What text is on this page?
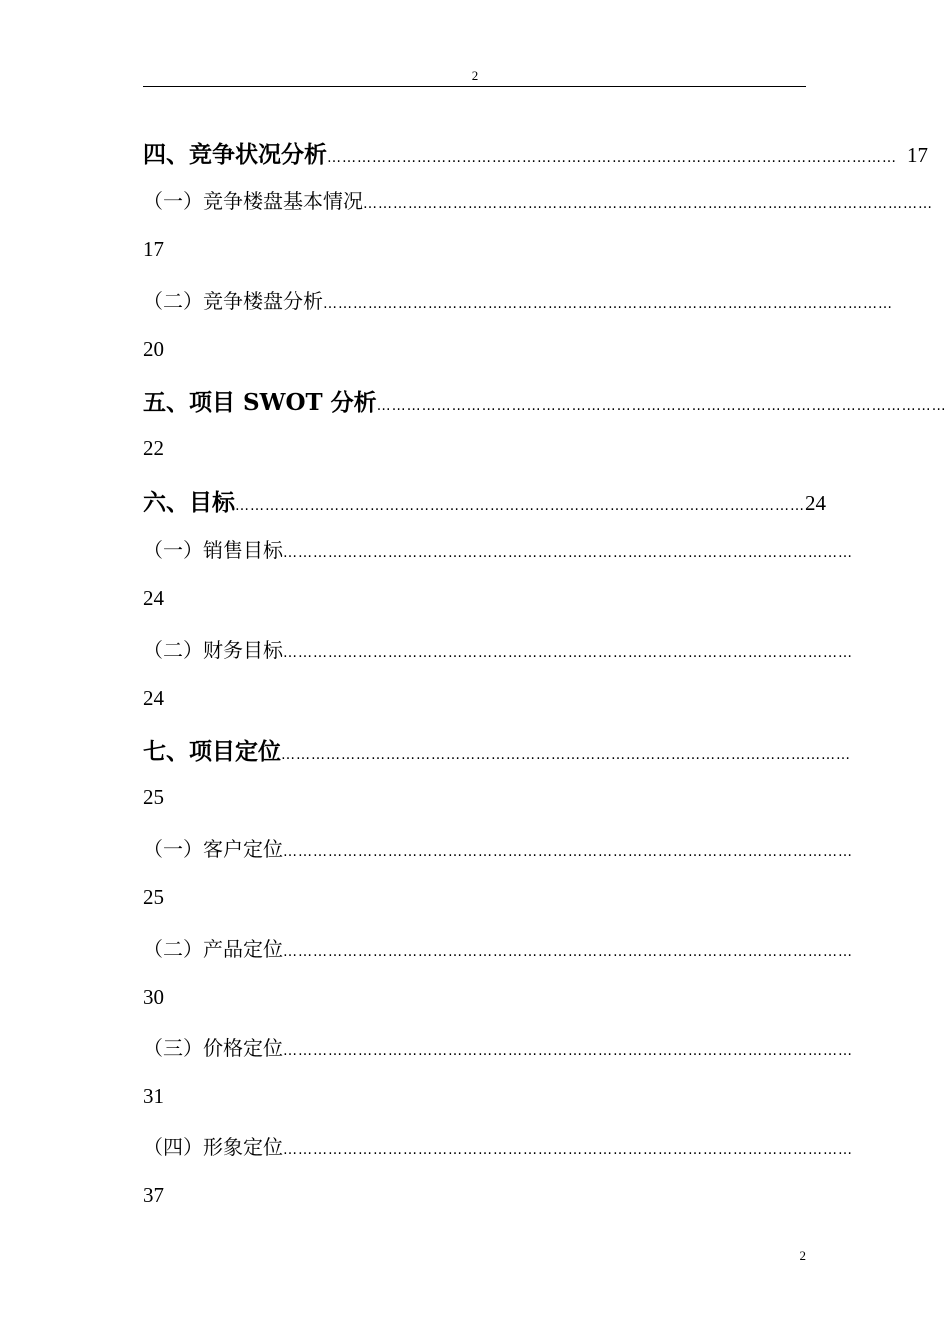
2
四、竞争状况分析 …………………………………………………………………………………………………… 17
（一）竞争楼盘基本情况 ……………………………………………………………………………………………………
17
（二）竞争楼盘分析 ……………………………………………………………………………………………………
20
五、项目 SWOT 分析 ……………………………………………………………………………………………………
22
六、目标 …………………………………………………………………………………………………… 24
（一）销售目标 ……………………………………………………………………………………………………
24
（二）财务目标 ……………………………………………………………………………………………………
24
七、项目定位 ……………………………………………………………………………………………………
25
（一）客户定位 ……………………………………………………………………………………………………
25
（二）产品定位 ……………………………………………………………………………………………………
30
（三）价格定位 ……………………………………………………………………………………………………
31
（四）形象定位 ……………………………………………………………………………………………………
37
2
